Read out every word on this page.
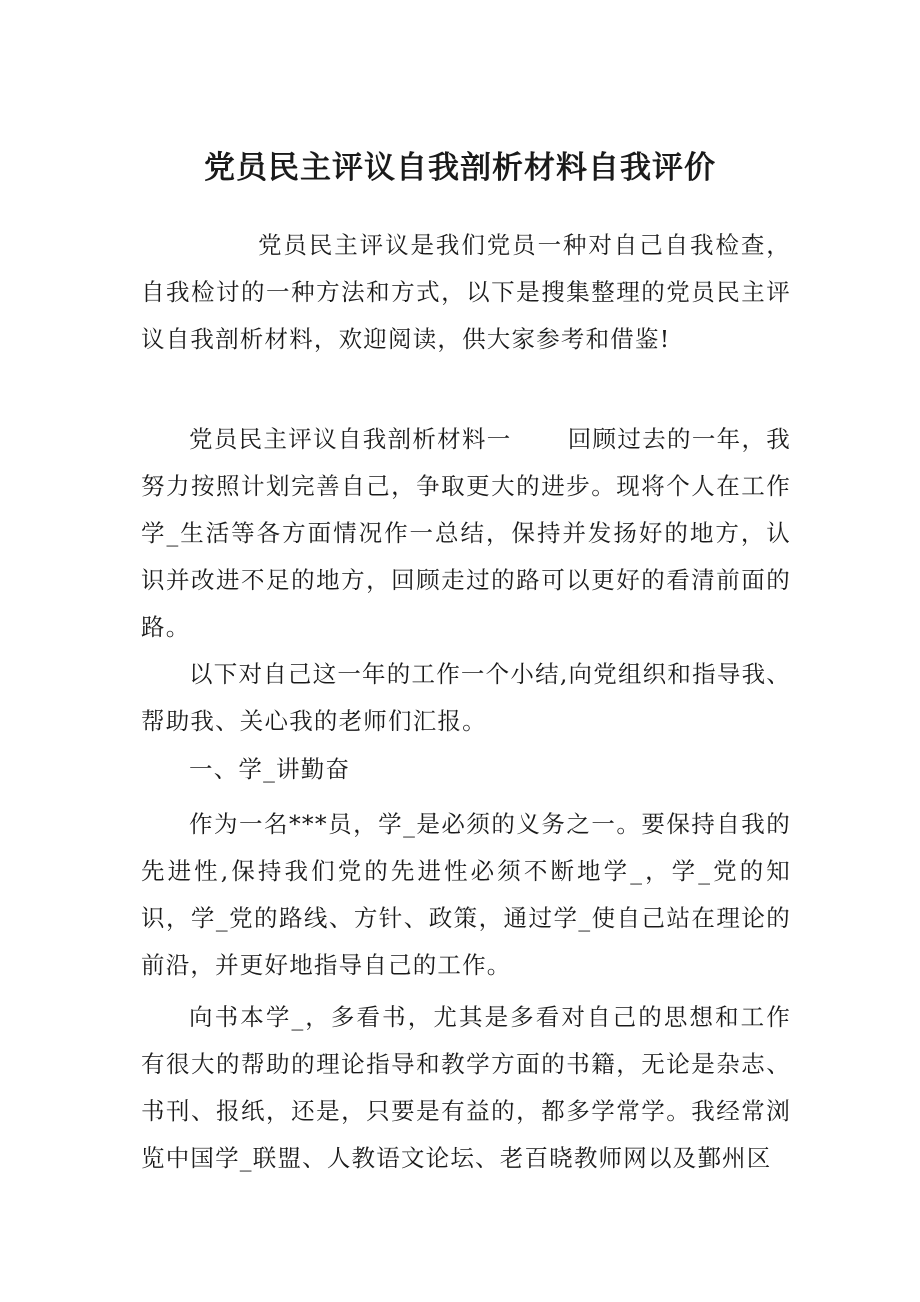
党员民主评议自我剖析材料自我评价

党员民主评议是我们党员一种对自己自我检查，自我检讨的一种方法和方式，以下是搜集整理的党员民主评议自我剖析材料，欢迎阅读，供大家参考和借鉴!

党员民主评议自我剖析材料一 回顾过去的一年，我努力按照计划完善自己，争取更大的进步。现将个人在工作学_生活等各方面情况作一总结，保持并发扬好的地方，认识并改进不足的地方，回顾走过的路可以更好的看清前面的路。

以下对自己这一年的工作一个小结,向党组织和指导我、帮助我、关心我的老师们汇报。

一、学_讲勤奋

作为一名***员，学_是必须的义务之一。要保持自我的先进性,保持我们党的先进性必须不断地学_，学_党的知识，学_党的路线、方针、政策，通过学_使自己站在理论的前沿，并更好地指导自己的工作。

向书本学_，多看书，尤其是多看对自己的思想和工作有很大的帮助的理论指导和教学方面的书籍，无论是杂志、书刊、报纸，还是，只要是有益的，都多学常学。我经常浏览中国学_联盟、人教语文论坛、老百晓教师网以及鄞州区
